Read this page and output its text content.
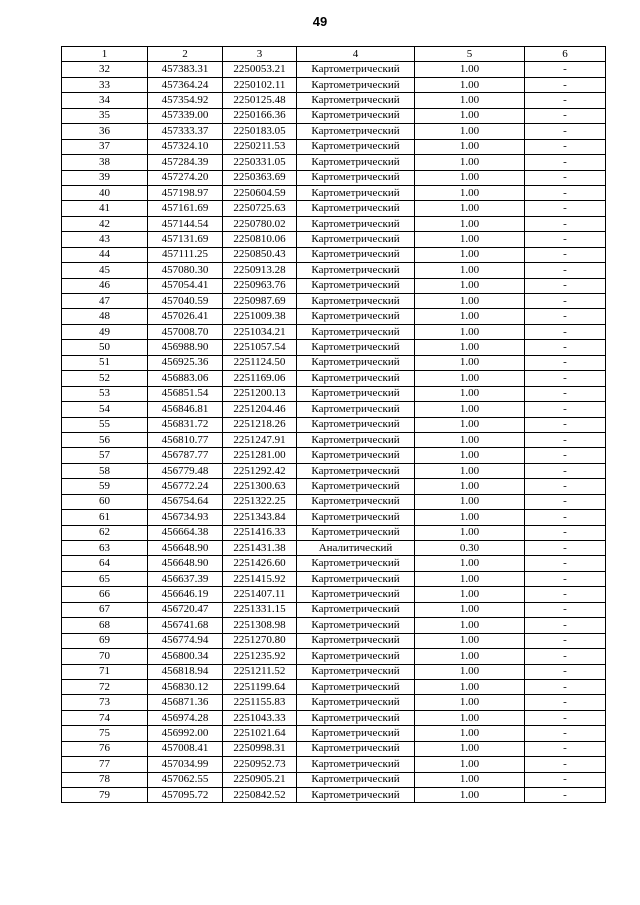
49
1	2	3	4	5	6
32	457383.31	2250053.21	Картометрический	1.00	-
33	457364.24	2250102.11	Картометрический	1.00	-
34	457354.92	2250125.48	Картометрический	1.00	-
35	457339.00	2250166.36	Картометрический	1.00	-
36	457333.37	2250183.05	Картометрический	1.00	-
37	457324.10	2250211.53	Картометрический	1.00	-
38	457284.39	2250331.05	Картометрический	1.00	-
39	457274.20	2250363.69	Картометрический	1.00	-
40	457198.97	2250604.59	Картометрический	1.00	-
41	457161.69	2250725.63	Картометрический	1.00	-
42	457144.54	2250780.02	Картометрический	1.00	-
43	457131.69	2250810.06	Картометрический	1.00	-
44	457111.25	2250850.43	Картометрический	1.00	-
45	457080.30	2250913.28	Картометрический	1.00	-
46	457054.41	2250963.76	Картометрический	1.00	-
47	457040.59	2250987.69	Картометрический	1.00	-
48	457026.41	2251009.38	Картометрический	1.00	-
49	457008.70	2251034.21	Картометрический	1.00	-
50	456988.90	2251057.54	Картометрический	1.00	-
51	456925.36	2251124.50	Картометрический	1.00	-
52	456883.06	2251169.06	Картометрический	1.00	-
53	456851.54	2251200.13	Картометрический	1.00	-
54	456846.81	2251204.46	Картометрический	1.00	-
55	456831.72	2251218.26	Картометрический	1.00	-
56	456810.77	2251247.91	Картометрический	1.00	-
57	456787.77	2251281.00	Картометрический	1.00	-
58	456779.48	2251292.42	Картометрический	1.00	-
59	456772.24	2251300.63	Картометрический	1.00	-
60	456754.64	2251322.25	Картометрический	1.00	-
61	456734.93	2251343.84	Картометрический	1.00	-
62	456664.38	2251416.33	Картометрический	1.00	-
63	456648.90	2251431.38	Аналитический	0.30	-
64	456648.90	2251426.60	Картометрический	1.00	-
65	456637.39	2251415.92	Картометрический	1.00	-
66	456646.19	2251407.11	Картометрический	1.00	-
67	456720.47	2251331.15	Картометрический	1.00	-
68	456741.68	2251308.98	Картометрический	1.00	-
69	456774.94	2251270.80	Картометрический	1.00	-
70	456800.34	2251235.92	Картометрический	1.00	-
71	456818.94	2251211.52	Картометрический	1.00	-
72	456830.12	2251199.64	Картометрический	1.00	-
73	456871.36	2251155.83	Картометрический	1.00	-
74	456974.28	2251043.33	Картометрический	1.00	-
75	456992.00	2251021.64	Картометрический	1.00	-
76	457008.41	2250998.31	Картометрический	1.00	-
77	457034.99	2250952.73	Картометрический	1.00	-
78	457062.55	2250905.21	Картометрический	1.00	-
79	457095.72	2250842.52	Картометрический	1.00	-
